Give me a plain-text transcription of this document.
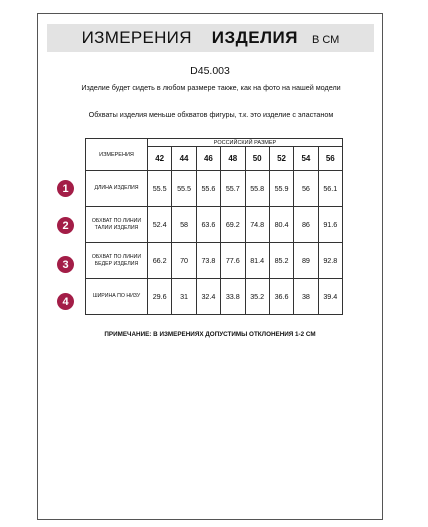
ИЗМЕРЕНИЯ ИЗДЕЛИЯ В СМ
D45.003
Изделие будет сидеть в любом размере также, как на фото на нашей модели
Обхваты изделия меньше обхватов фигуры, т.к. это изделие с эластаном
ИЗМЕРЕНИЯ	РОССИЙСКИЙ РАЗМЕР							
	42	44	46	48	50	52	54	56
ДЛИНА ИЗДЕЛИЯ	55.5	55.5	55.6	55.7	55.8	55.9	56	56.1
ОБХВАТ ПО ЛИНИИ ТАЛИИ ИЗДЕЛИЯ	52.4	58	63.6	69.2	74.8	80.4	86	91.6
ОБХВАТ ПО ЛИНИИ БЕДЕР ИЗДЕЛИЯ	66.2	70	73.8	77.6	81.4	85.2	89	92.8
ШИРИНА ПО НИЗУ	29.6	31	32.4	33.8	35.2	36.6	38	39.4
1
2
3
4
ПРИМЕЧАНИЕ: В ИЗМЕРЕНИЯХ ДОПУСТИМЫ ОТКЛОНЕНИЯ 1-2 СМ
